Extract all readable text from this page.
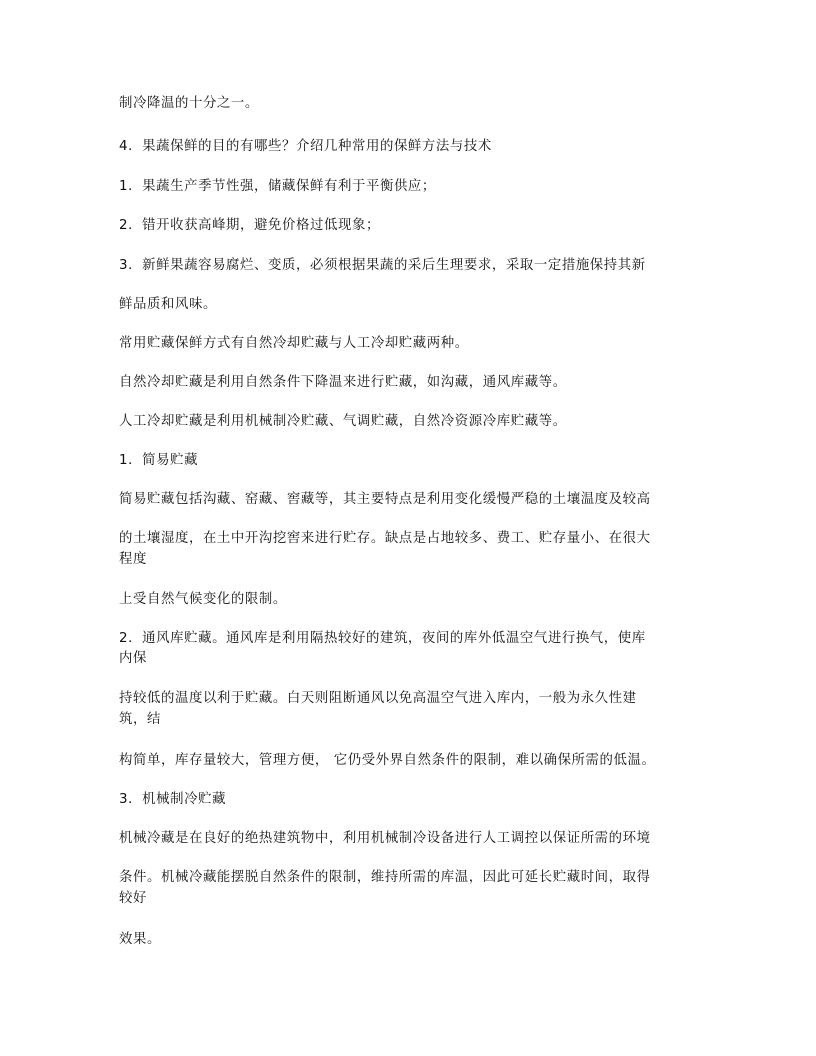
制冷降温的十分之一。

4．果蔬保鲜的目的有哪些？介绍几种常用的保鲜方法与技术

1．果蔬生产季节性强，储藏保鲜有利于平衡供应；

2．错开收获高峰期，避免价格过低现象；

3．新鲜果蔬容易腐烂、变质，必须根据果蔬的采后生理要求，采取一定措施保持其新

鲜品质和风味。

常用贮藏保鲜方式有自然冷却贮藏与人工冷却贮藏两种。

自然冷却贮藏是利用自然条件下降温来进行贮藏，如沟藏，通风库藏等。

人工冷却贮藏是利用机械制冷贮藏、气调贮藏，自然冷资源冷库贮藏等。

1．简易贮藏

简易贮藏包括沟藏、窑藏、窖藏等，其主要特点是利用变化缓慢严稳的土壤温度及较高

的土壤湿度，在土中开沟挖窖来进行贮存。缺点是占地较多、费工、贮存量小、在很大

程度

上受自然气候变化的限制。

2．通风库贮藏。通风库是利用隔热较好的建筑，夜间的库外低温空气进行换气，使库

内保

持较低的温度以利于贮藏。白天则阻断通风以免高温空气进入库内，一般为永久性建

筑，结

构简单，库存量较大，管理方便， 它仍受外界自然条件的限制，难以确保所需的低温。

3．机械制冷贮藏

机械冷藏是在良好的绝热建筑物中，利用机械制冷设备进行人工调控以保证所需的环境

条件。机械冷藏能摆脱自然条件的限制，维持所需的库温，因此可延长贮藏时间，取得

较好

效果。
